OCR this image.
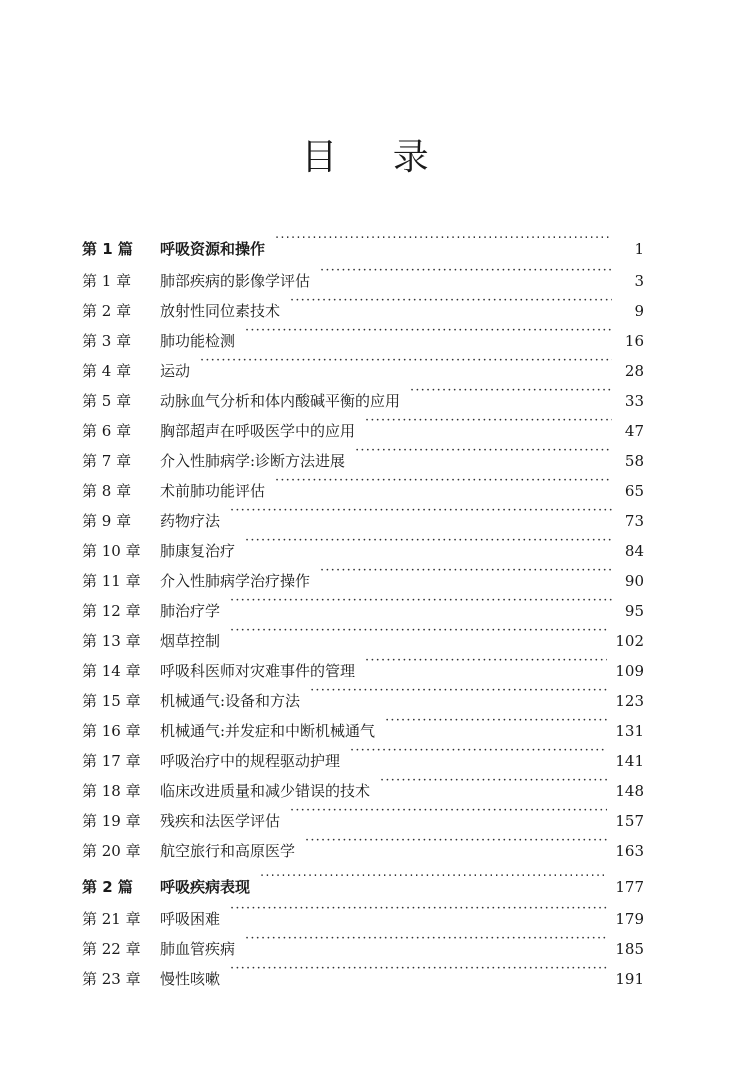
目 录
第 1 篇	呼吸资源和操作 ·····	1
第 1 章	肺部疾病的影像学评估 ·····	3
第 2 章	放射性同位素技术 ·····	9
第 3 章	肺功能检测 ·····	16
第 4 章	运动 ·····	28
第 5 章	动脉血气分析和体内酸碱平衡的应用 ·····	33
第 6 章	胸部超声在呼吸医学中的应用 ·····	47
第 7 章	介入性肺病学:诊断方法进展 ·····	58
第 8 章	术前肺功能评估 ·····	65
第 9 章	药物疗法 ·····	73
第 10 章	肺康复治疗 ·····	84
第 11 章	介入性肺病学治疗操作 ·····	90
第 12 章	肺治疗学 ·····	95
第 13 章	烟草控制 ·····	102
第 14 章	呼吸科医师对灾难事件的管理 ·····	109
第 15 章	机械通气:设备和方法 ·····	123
第 16 章	机械通气:并发症和中断机械通气 ·····	131
第 17 章	呼吸治疗中的规程驱动护理 ·····	141
第 18 章	临床改进质量和减少错误的技术 ·····	148
第 19 章	残疾和法医学评估 ·····	157
第 20 章	航空旅行和高原医学 ·····	163
第 2 篇	呼吸疾病表现 ·····	177
第 21 章	呼吸困难 ·····	179
第 22 章	肺血管疾病 ·····	185
第 23 章	慢性咳嗽 ·····	191
